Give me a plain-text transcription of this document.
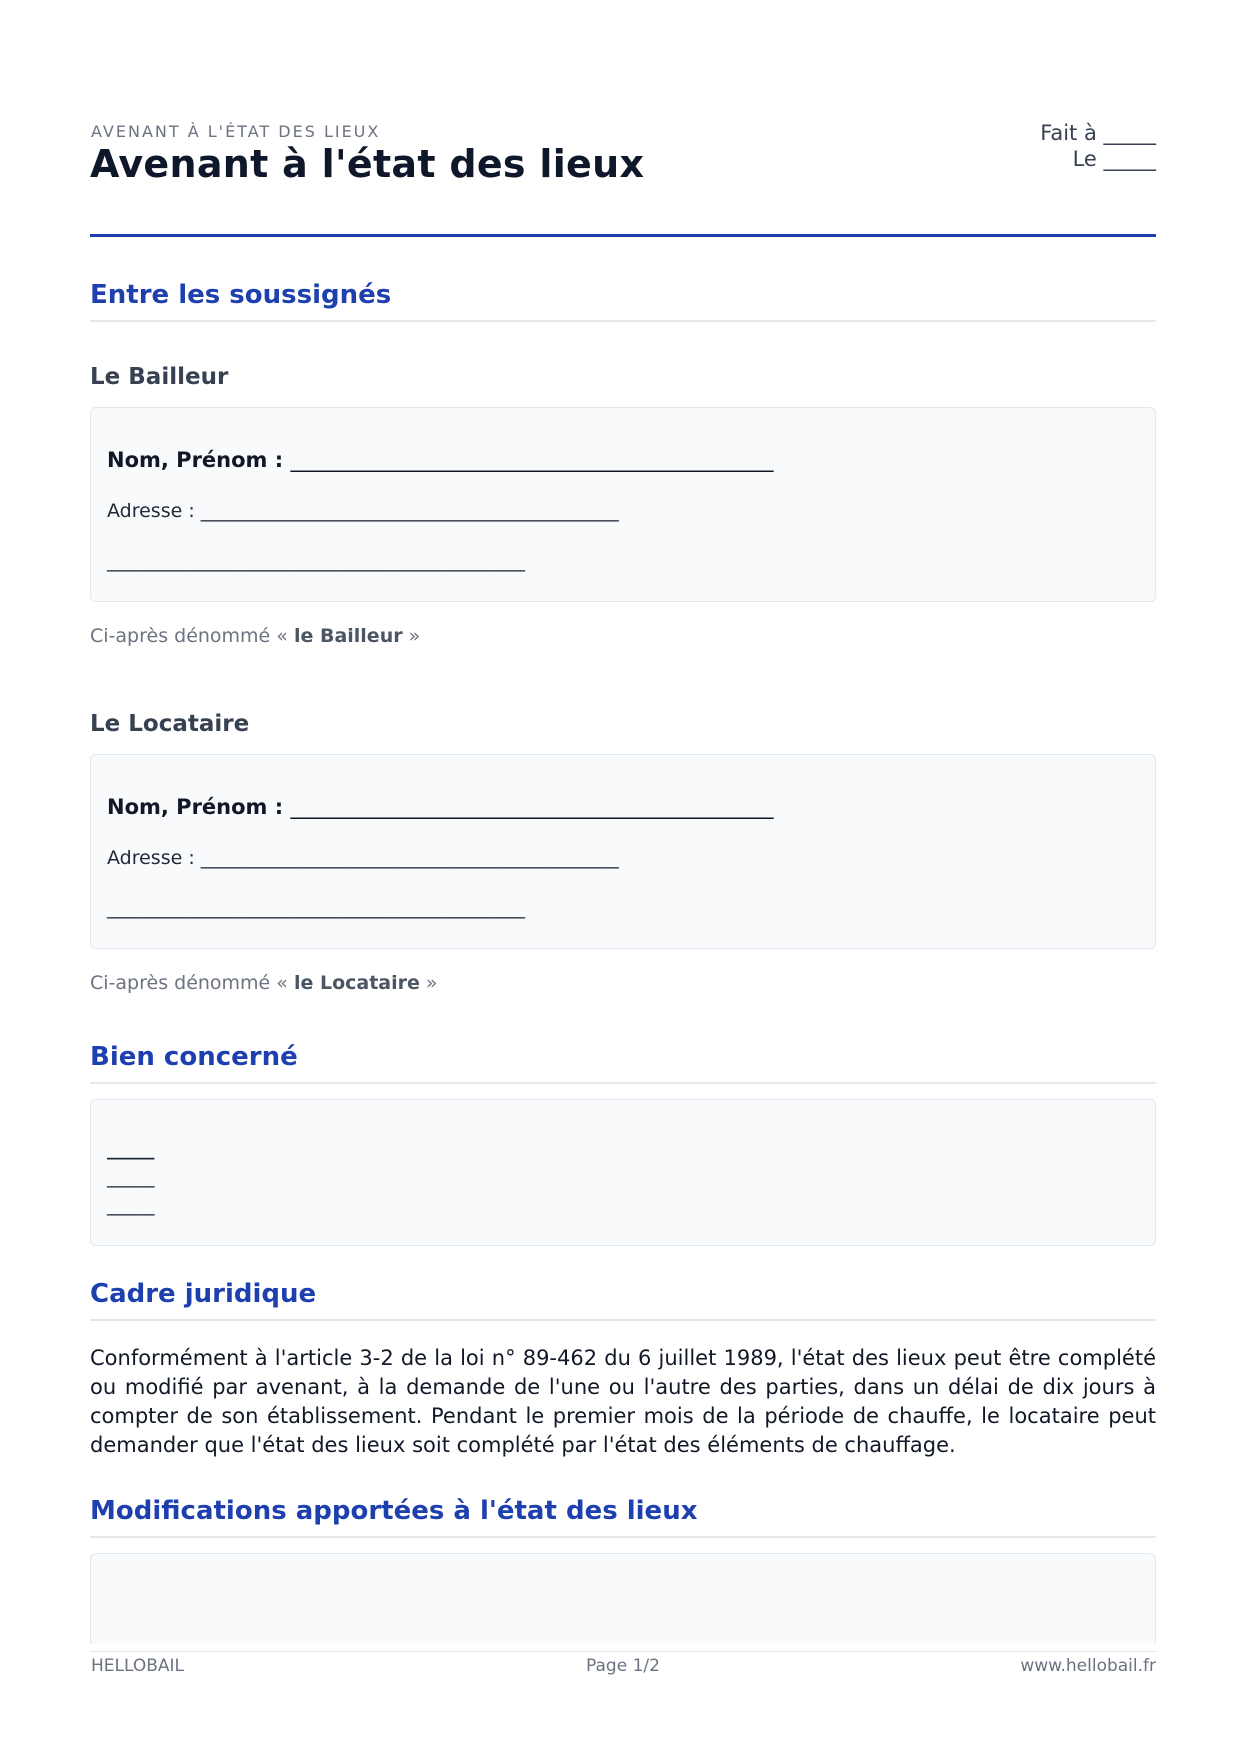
AVENANT À L'ÉTAT DES LIEUX
Avenant à l'état des lieux
Fait à _____
Le _____
Entre les soussignés
Le Bailleur
Nom, Prénom : ______________________________________________
Adresse : ____________________________________________
____________________________________________
Ci-après dénommé « le Bailleur »
Le Locataire
Nom, Prénom : ______________________________________________
Adresse : ____________________________________________
____________________________________________
Ci-après dénommé « le Locataire »
Bien concerné
_____
_____
_____
Cadre juridique

Conformément à l'article 3-2 de la loi n° 89-462 du 6 juillet 1989, l'état des lieux peut être complété ou modifié par avenant, à la demande de l'une ou l'autre des parties, dans un délai de dix jours à compter de son établissement. Pendant le premier mois de la période de chauffe, le locataire peut demander que l'état des lieux soit complété par l'état des éléments de chauffage.

Modifications apportées à l'état des lieux
HELLOBAIL	Page 1/2	www.hellobail.fr
